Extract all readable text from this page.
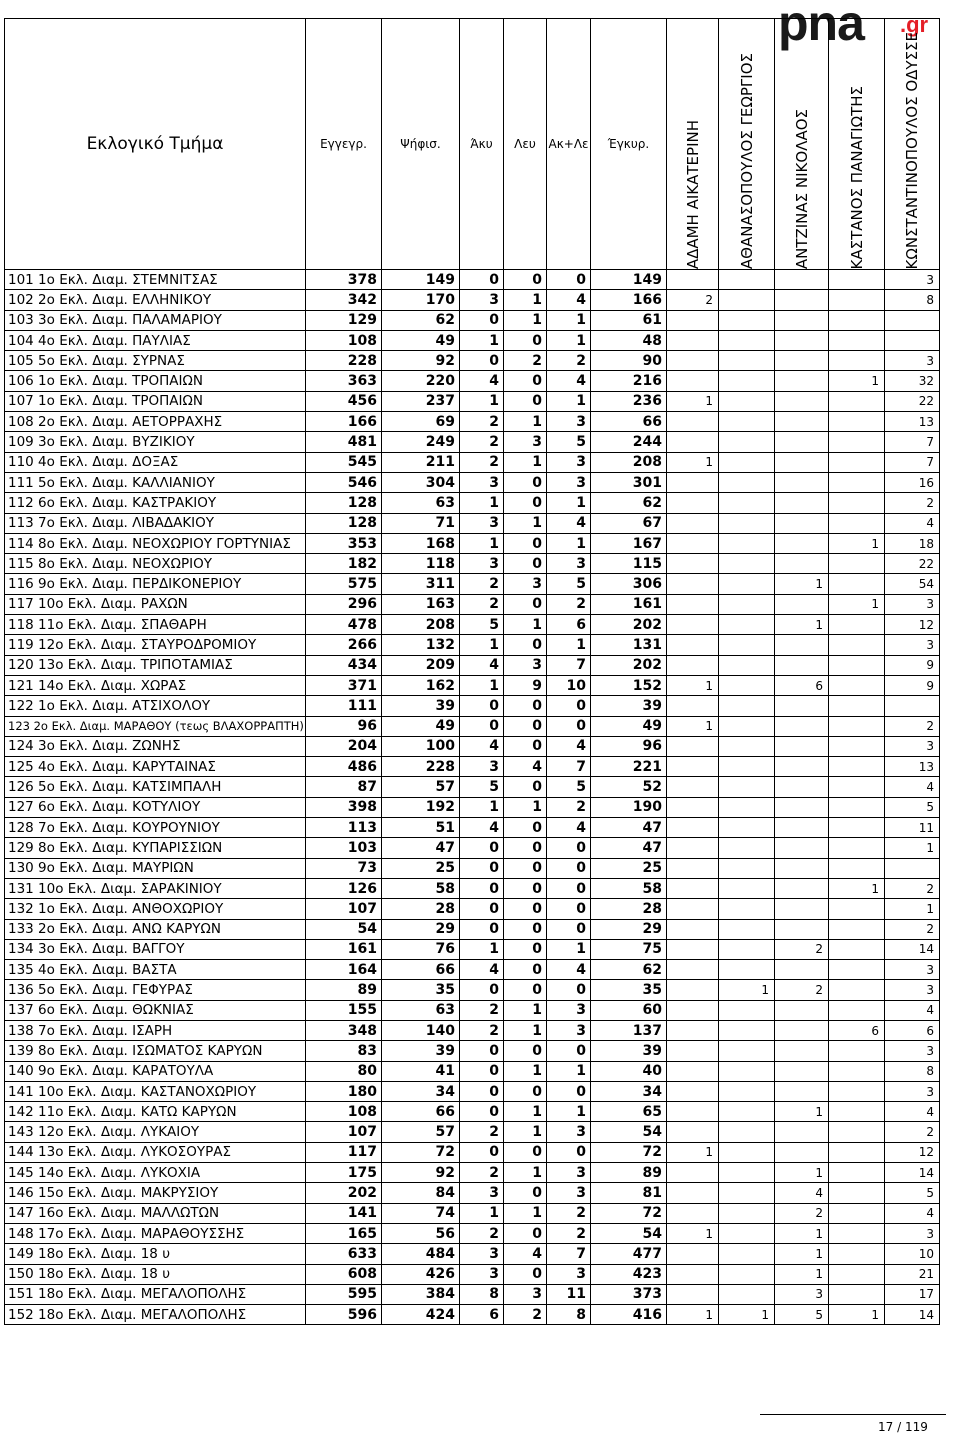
pna .gr
Εκλογικό Τμήμα	Εγγεγρ.	Ψήφισ.	Άκυ	Λευ	Ακ+Λε	Έγκυρ.	ΑΔΑΜΗ ΑΙΚΑΤΕΡΙΝΗ	ΑΘΑΝΑΣΟΠΟΥΛΟΣ ΓΕΩΡΓΙΟΣ	ΑΝΤΖΙΝΑΣ ΝΙΚΟΛΑΟΣ	ΚΑΣΤΑΝΟΣ ΠΑΝΑΓΙΩΤΗΣ	ΚΩΝΣΤΑΝΤΙΝΟΠΟΥΛΟΣ ΟΔΥΣΣΕ

101 1ο Εκλ. Διαμ. ΣΤΕΜΝΙΤΣΑΣ	378	149	0	0	0	149					3
102 2ο Εκλ. Διαμ. ΕΛΛΗΝΙΚΟΥ	342	170	3	1	4	166	2				8
103 3ο Εκλ. Διαμ. ΠΑΛΑΜΑΡΙΟΥ	129	62	0	1	1	61					
104 4ο Εκλ. Διαμ. ΠΑΥΛΙΑΣ	108	49	1	0	1	48					
105 5ο Εκλ. Διαμ. ΣΥΡΝΑΣ	228	92	0	2	2	90					3
106 1ο Εκλ. Διαμ. ΤΡΟΠΑΙΩΝ	363	220	4	0	4	216				1	32
107 1ο Εκλ. Διαμ. ΤΡΟΠΑΙΩΝ	456	237	1	0	1	236	1				22
108 2ο Εκλ. Διαμ. ΑΕΤΟΡΡΑΧΗΣ	166	69	2	1	3	66					13
109 3ο Εκλ. Διαμ. ΒΥΖΙΚΙΟΥ	481	249	2	3	5	244					7
110 4ο Εκλ. Διαμ. ΔΟΞΑΣ	545	211	2	1	3	208	1				7
111 5ο Εκλ. Διαμ. ΚΑΛΛΙΑΝΙΟΥ	546	304	3	0	3	301					16
112 6ο Εκλ. Διαμ. ΚΑΣΤΡΑΚΙΟΥ	128	63	1	0	1	62					2
113 7ο Εκλ. Διαμ. ΛΙΒΑΔΑΚΙΟΥ	128	71	3	1	4	67					4
114 8ο Εκλ. Διαμ. ΝΕΟΧΩΡΙΟΥ ΓΟΡΤΥΝΙΑΣ	353	168	1	0	1	167				1	18
115 8ο Εκλ. Διαμ. ΝΕΟΧΩΡΙΟΥ	182	118	3	0	3	115					22
116 9ο Εκλ. Διαμ. ΠΕΡΔΙΚΟΝΕΡΙΟΥ	575	311	2	3	5	306			1		54
117 10ο Εκλ. Διαμ. ΡΑΧΩΝ	296	163	2	0	2	161				1	3
118 11ο Εκλ. Διαμ. ΣΠΑΘΑΡΗ	478	208	5	1	6	202			1		12
119 12ο Εκλ. Διαμ. ΣΤΑΥΡΟΔΡΟΜΙΟΥ	266	132	1	0	1	131					3
120 13ο Εκλ. Διαμ. ΤΡΙΠΟΤΑΜΙΑΣ	434	209	4	3	7	202					9
121 14ο Εκλ. Διαμ. ΧΩΡΑΣ	371	162	1	9	10	152	1		6		9
122 1ο Εκλ. Διαμ. ΑΤΣΙΧΟΛΟΥ	111	39	0	0	0	39					
123 2ο Εκλ. Διαμ. ΜΑΡΑΘΟΥ (τεως ΒΛΑΧΟΡΡΑΠΤΗ)	96	49	0	0	0	49	1				2
124 3ο Εκλ. Διαμ. ΖΩΝΗΣ	204	100	4	0	4	96					3
125 4ο Εκλ. Διαμ. ΚΑΡΥΤΑΙΝΑΣ	486	228	3	4	7	221					13
126 5ο Εκλ. Διαμ. ΚΑΤΣΙΜΠΑΛΗ	87	57	5	0	5	52					4
127 6ο Εκλ. Διαμ. ΚΟΤΥΛΙΟΥ	398	192	1	1	2	190					5
128 7ο Εκλ. Διαμ. ΚΟΥΡΟΥΝΙΟΥ	113	51	4	0	4	47					11
129 8ο Εκλ. Διαμ. ΚΥΠΑΡΙΣΣΙΩΝ	103	47	0	0	0	47					1
130 9ο Εκλ. Διαμ. ΜΑΥΡΙΩΝ	73	25	0	0	0	25					
131 10ο Εκλ. Διαμ. ΣΑΡΑΚΙΝΙΟΥ	126	58	0	0	0	58				1	2
132 1ο Εκλ. Διαμ. ΑΝΘΟΧΩΡΙΟΥ	107	28	0	0	0	28					1
133 2ο Εκλ. Διαμ. ΑΝΩ ΚΑΡΥΩΝ	54	29	0	0	0	29					2
134 3ο Εκλ. Διαμ. ΒΑΓΓΟΥ	161	76	1	0	1	75			2		14
135 4ο Εκλ. Διαμ. ΒΑΣΤΑ	164	66	4	0	4	62					3
136 5ο Εκλ. Διαμ. ΓΕΦΥΡΑΣ	89	35	0	0	0	35		1	2		3
137 6ο Εκλ. Διαμ. ΘΩΚΝΙΑΣ	155	63	2	1	3	60					4
138 7ο Εκλ. Διαμ. ΙΣΑΡΗ	348	140	2	1	3	137				6	6
139 8ο Εκλ. Διαμ. ΙΣΩΜΑΤΟΣ ΚΑΡΥΩΝ	83	39	0	0	0	39					3
140 9ο Εκλ. Διαμ. ΚΑΡΑΤΟΥΛΑ	80	41	0	1	1	40					8
141 10ο Εκλ. Διαμ. ΚΑΣΤΑΝΟΧΩΡΙΟΥ	180	34	0	0	0	34					3
142 11ο Εκλ. Διαμ. ΚΑΤΩ ΚΑΡΥΩΝ	108	66	0	1	1	65			1		4
143 12ο Εκλ. Διαμ. ΛΥΚΑΙΟΥ	107	57	2	1	3	54					2
144 13ο Εκλ. Διαμ. ΛΥΚΟΣΟΥΡΑΣ	117	72	0	0	0	72	1				12
145 14ο Εκλ. Διαμ. ΛΥΚΟΧΙΑ	175	92	2	1	3	89			1		14
146 15ο Εκλ. Διαμ. ΜΑΚΡΥΣΙΟΥ	202	84	3	0	3	81			4		5
147 16ο Εκλ. Διαμ. ΜΑΛΛΩΤΩΝ	141	74	1	1	2	72			2		4
148 17ο Εκλ. Διαμ. ΜΑΡΑΘΟΥΣΣΗΣ	165	56	2	0	2	54	1		1		3
149 18ο Εκλ. Διαμ. 18 υ	633	484	3	4	7	477			1		10
150 18ο Εκλ. Διαμ. 18 υ	608	426	3	0	3	423			1		21
151 18ο Εκλ. Διαμ. ΜΕΓΑΛΟΠΟΛΗΣ	595	384	8	3	11	373			3		17
152 18ο Εκλ. Διαμ. ΜΕΓΑΛΟΠΟΛΗΣ	596	424	6	2	8	416	1	1	5	1	14
17 / 119
